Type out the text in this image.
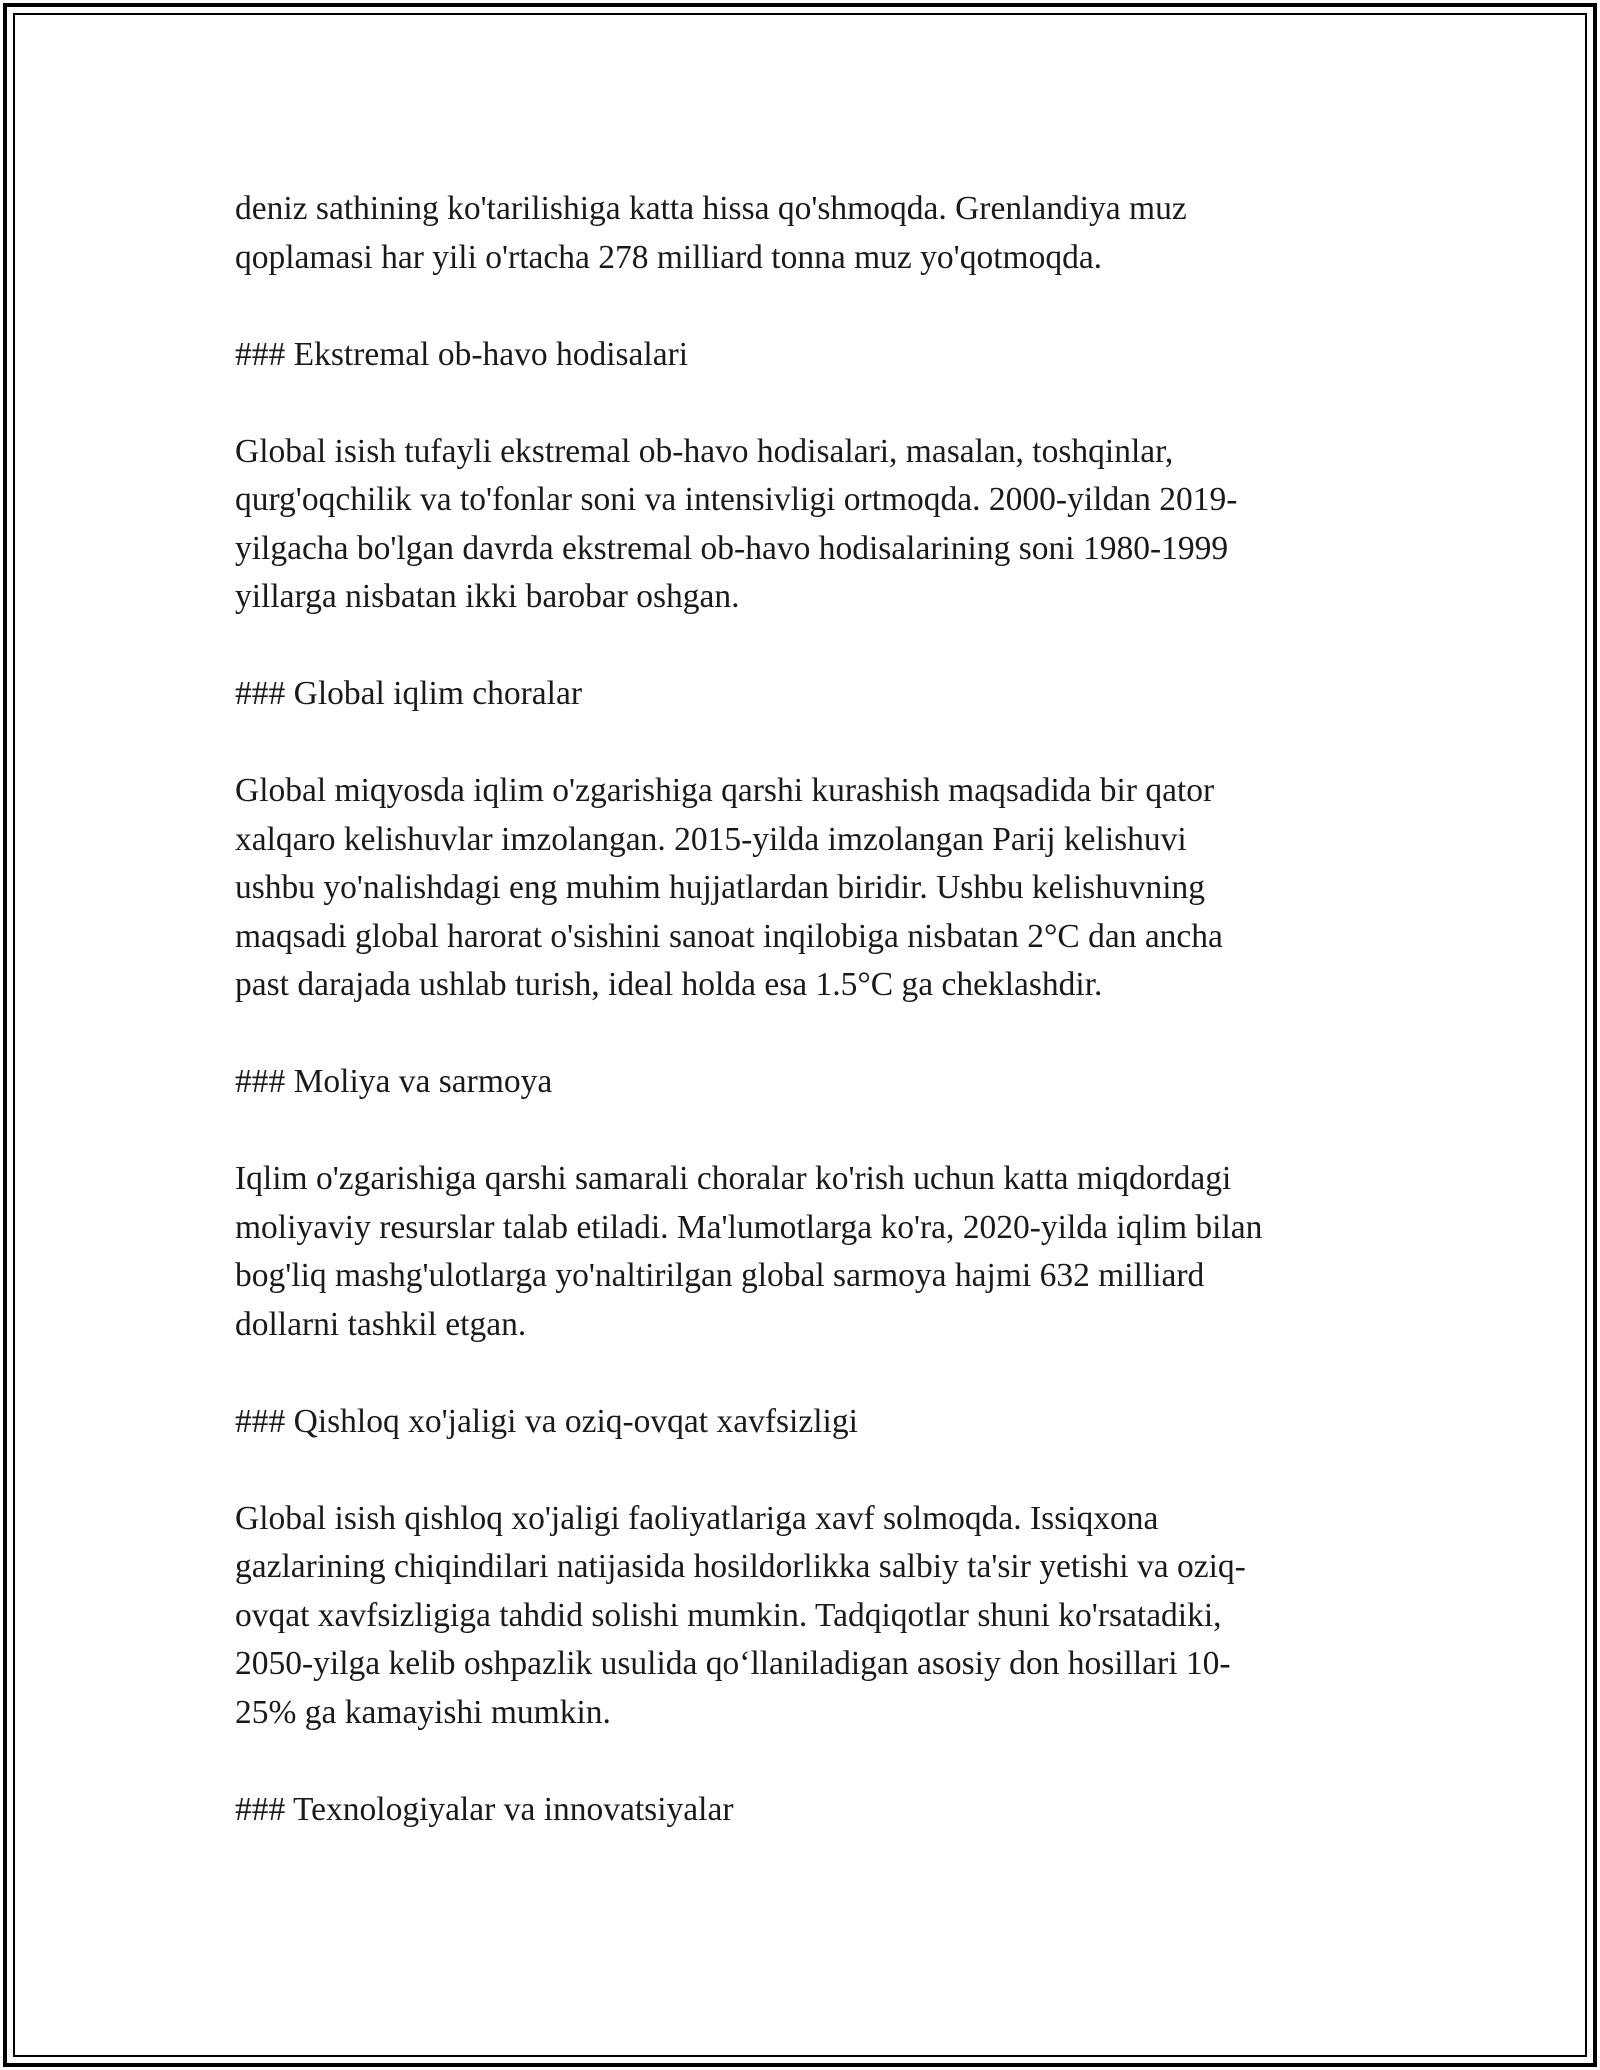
deniz sathining ko'tarilishiga katta hissa qo'shmoqda. Grenlandiya muz
qoplamasi har yili o'rtacha 278 milliard tonna muz yo'qotmoqda.

### Ekstremal ob-havo hodisalari

Global isish tufayli ekstremal ob-havo hodisalari, masalan, toshqinlar,
qurg'oqchilik va to'fonlar soni va intensivligi ortmoqda. 2000-yildan 2019-
yilgacha bo'lgan davrda ekstremal ob-havo hodisalarining soni 1980-1999
yillarga nisbatan ikki barobar oshgan.

### Global iqlim choralar

Global miqyosda iqlim o'zgarishiga qarshi kurashish maqsadida bir qator
xalqaro kelishuvlar imzolangan. 2015-yilda imzolangan Parij kelishuvi
ushbu yo'nalishdagi eng muhim hujjatlardan biridir. Ushbu kelishuvning
maqsadi global harorat o'sishini sanoat inqilobiga nisbatan 2°C dan ancha
past darajada ushlab turish, ideal holda esa 1.5°C ga cheklashdir.

### Moliya va sarmoya

Iqlim o'zgarishiga qarshi samarali choralar ko'rish uchun katta miqdordagi
moliyaviy resurslar talab etiladi. Ma'lumotlarga ko'ra, 2020-yilda iqlim bilan
bog'liq mashg'ulotlarga yo'naltirilgan global sarmoya hajmi 632 milliard
dollarni tashkil etgan.

### Qishloq xo'jaligi va oziq-ovqat xavfsizligi

Global isish qishloq xo'jaligi faoliyatlariga xavf solmoqda. Issiqxona
gazlarining chiqindilari natijasida hosildorlikka salbiy ta'sir yetishi va oziq-
ovqat xavfsizligiga tahdid solishi mumkin. Tadqiqotlar shuni ko'rsatadiki,
2050-yilga kelib oshpazlik usulida qo‘llaniladigan asosiy don hosillari 10-
25% ga kamayishi mumkin.

### Texnologiyalar va innovatsiyalar
